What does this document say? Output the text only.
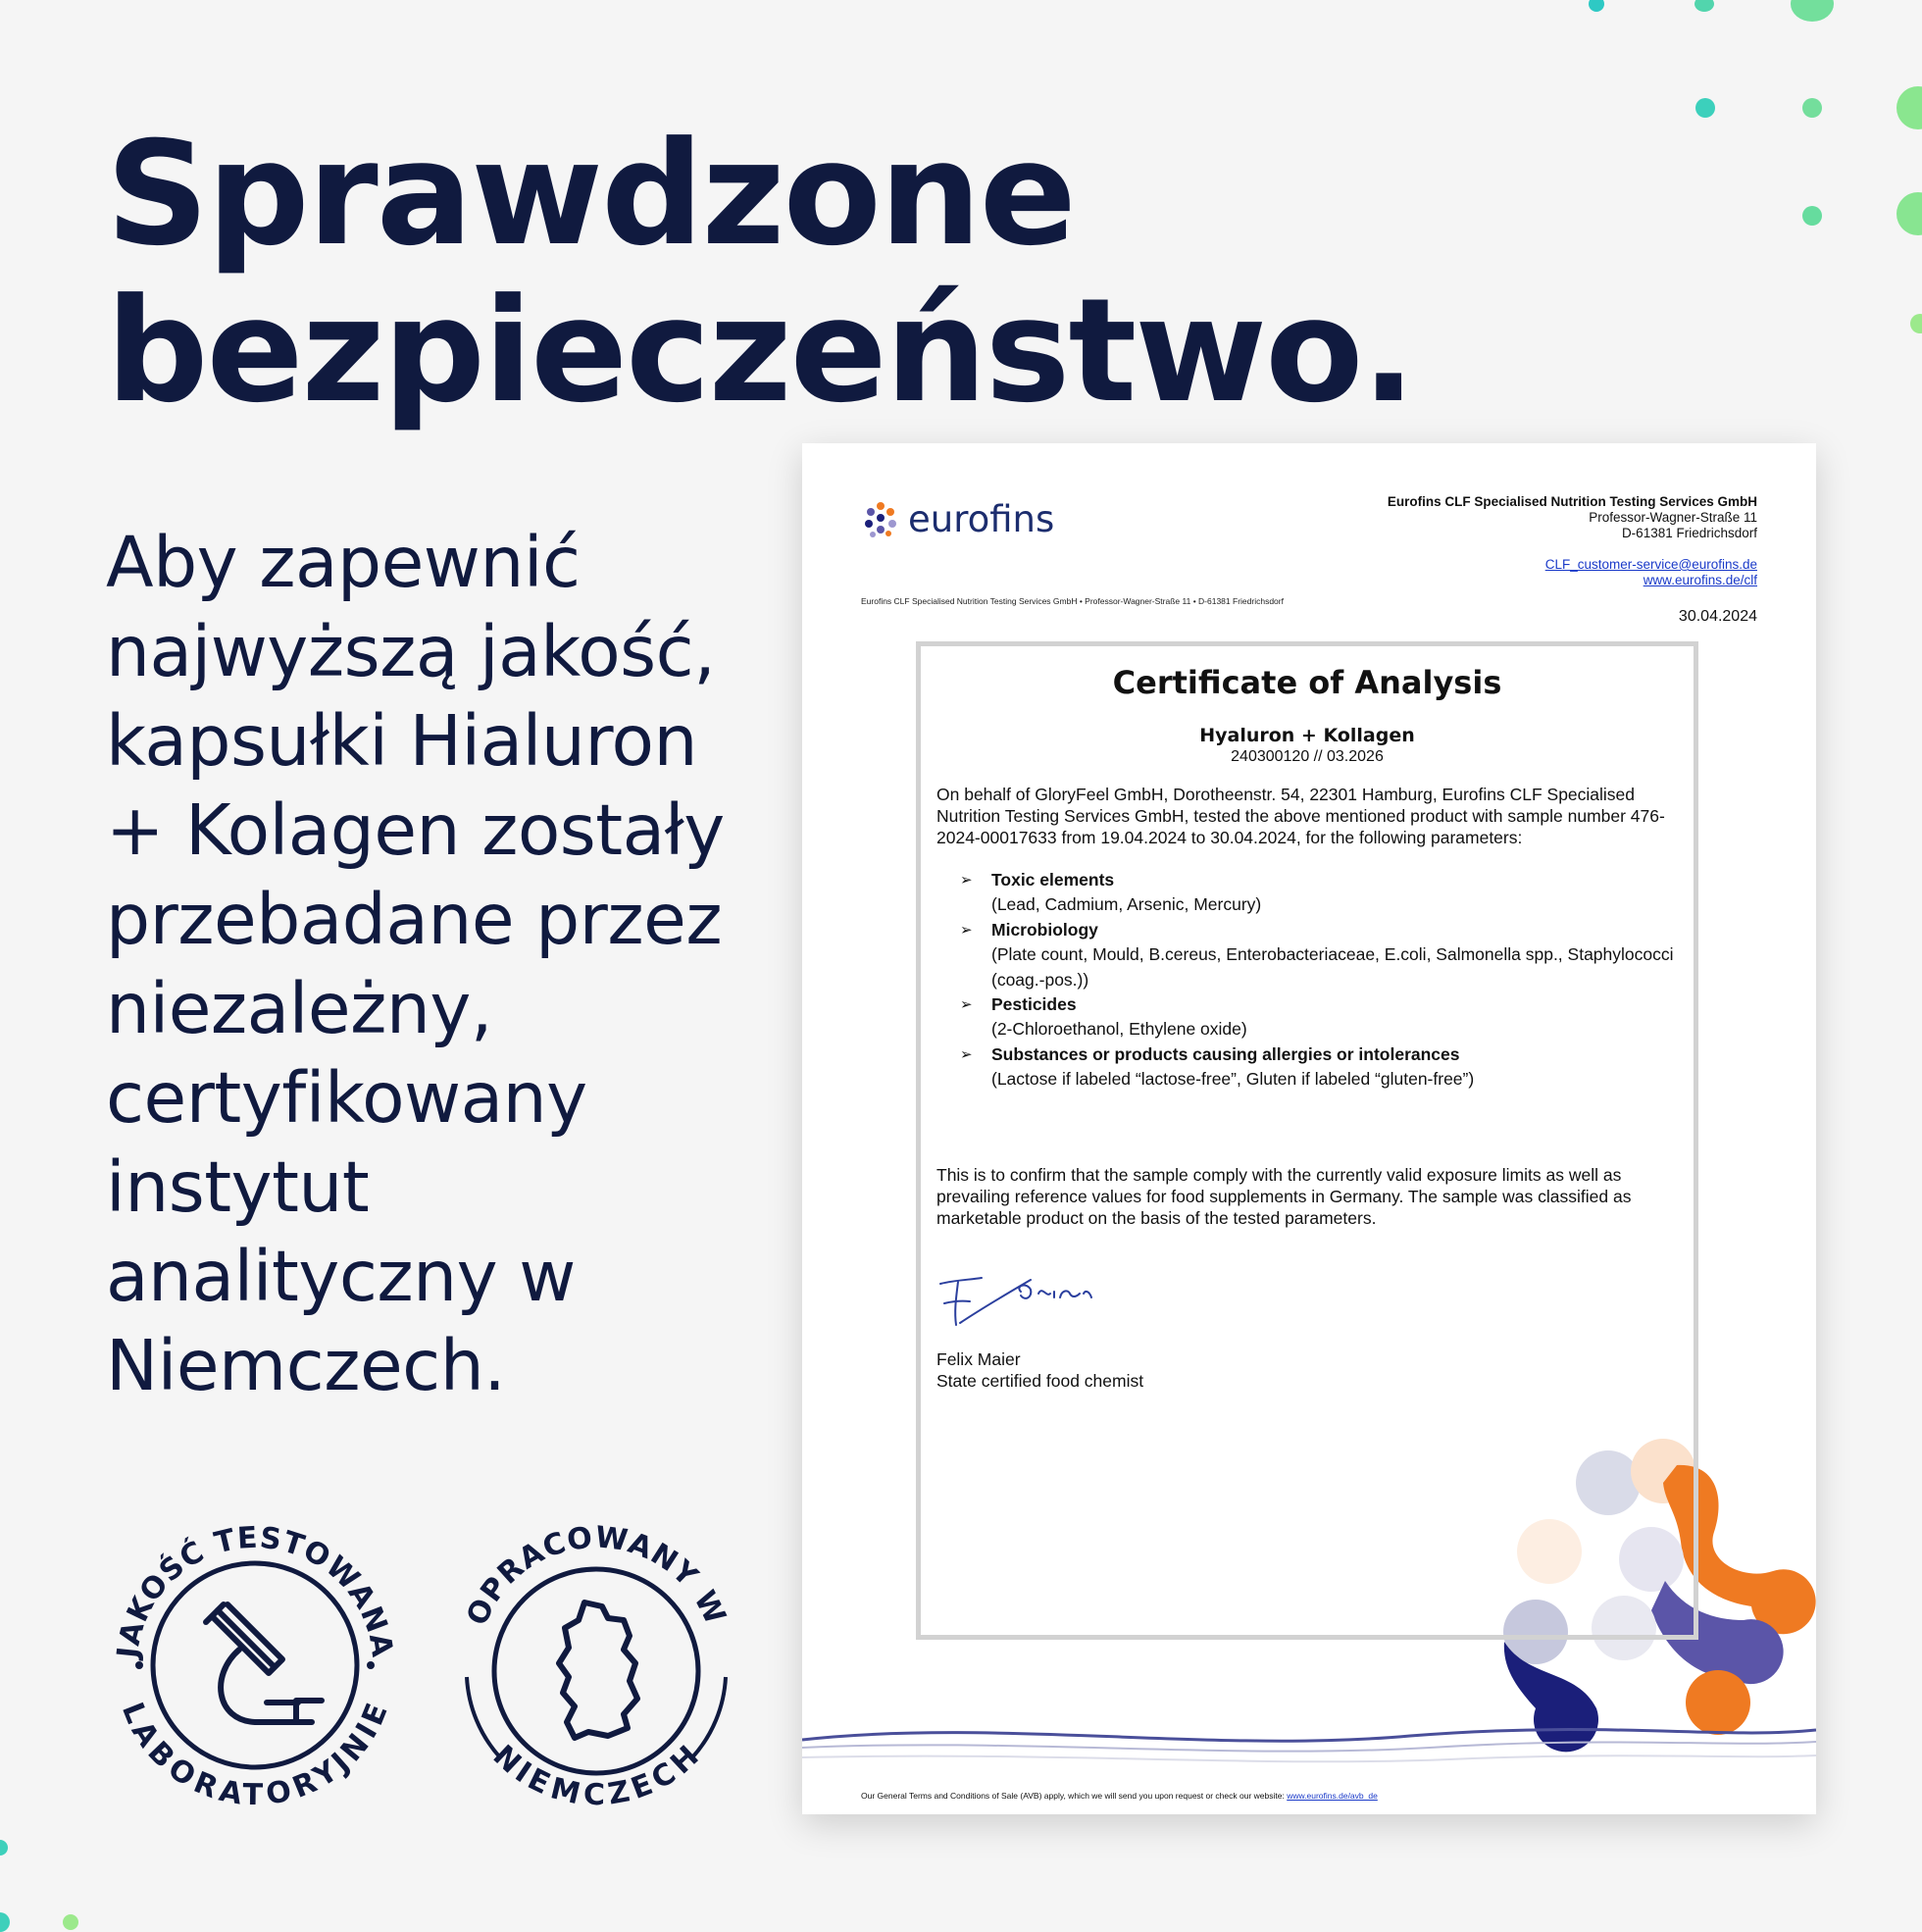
Sprawdzone
bezpieczeństwo.

Aby zapewnić
najwyższą jakość,
kapsułki Hialuron
+ Kolagen zostały
przebadane przez
niezależny,
certyfikowany
instytut
analityczny w
Niemczech.

JAKOŚĆ TESTOWANA
LABORATORYJNIE
OPRACOWANY W
NIEMCZECH
eurofins	Eurofins CLF Specialised Nutrition Testing Services GmbH
Professor-Wagner-Straße 11
D-61381 Friedrichsdorf
CLF_customer-service@eurofins.de
www.eurofins.de/clf
Eurofins CLF Specialised Nutrition Testing Services GmbH • Professor-Wagner-Straße 11 • D-61381 Friedrichsdorf
30.04.2024
Certificate of Analysis
Hyaluron + Kollagen
240300120 // 03.2026
On behalf of GloryFeel GmbH, Dorotheenstr. 54, 22301 Hamburg, Eurofins CLF Specialised Nutrition Testing Services GmbH, tested the above mentioned product with sample number 476-2024-00017633 from 19.04.2024 to 30.04.2024, for the following parameters:
➢ Toxic elements
(Lead, Cadmium, Arsenic, Mercury)
➢ Microbiology
(Plate count, Mould, B.cereus, Enterobacteriaceae, E.coli, Salmonella spp., Staphylococci (coag.-pos.))
➢ Pesticides
(2-Chloroethanol, Ethylene oxide)
➢ Substances or products causing allergies or intolerances
(Lactose if labeled “lactose-free”, Gluten if labeled “gluten-free”)
This is to confirm that the sample comply with the currently valid exposure limits as well as prevailing reference values for food supplements in Germany. The sample was classified as marketable product on the basis of the tested parameters.
Felix Maier
State certified food chemist
Our General Terms and Conditions of Sale (AVB) apply, which we will send you upon request or check our website: www.eurofins.de/avb_de
